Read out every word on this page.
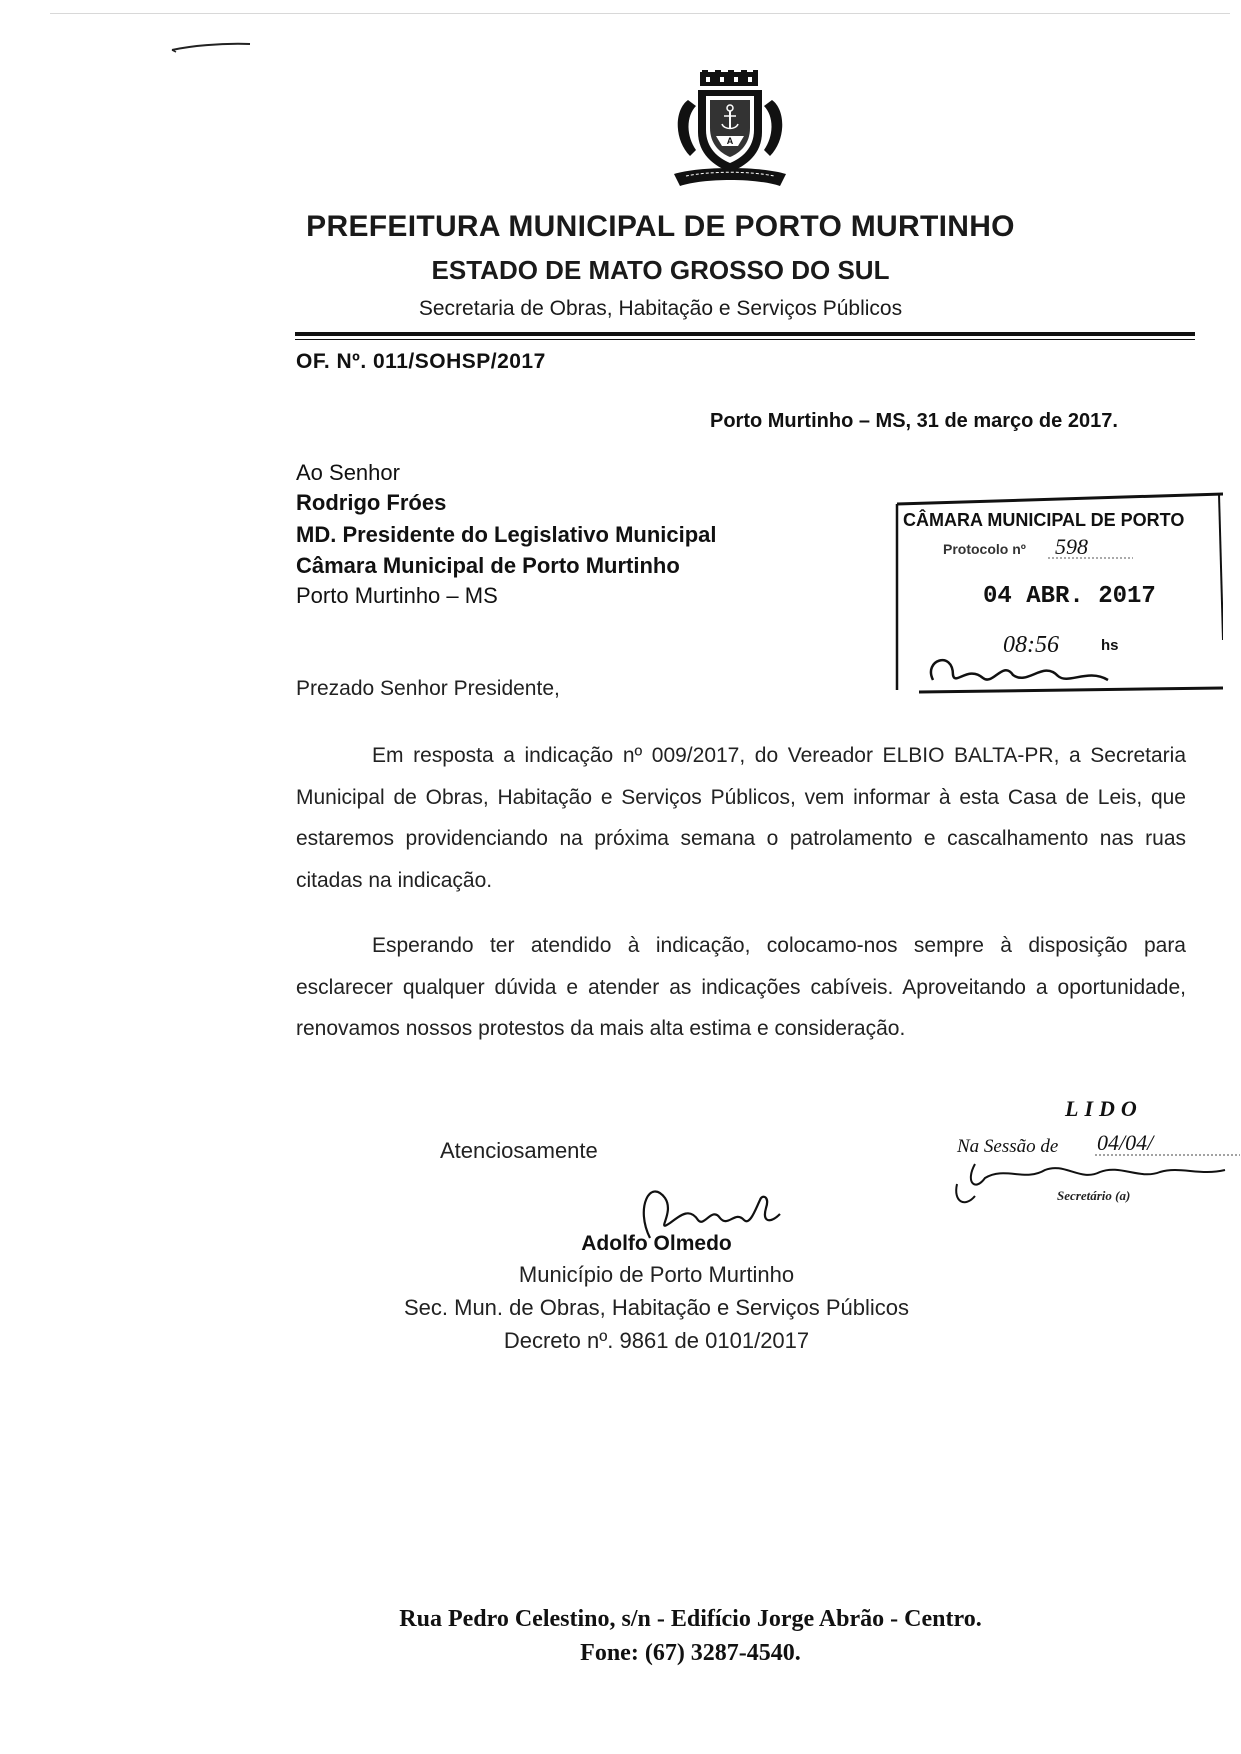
A
PREFEITURA MUNICIPAL DE PORTO MURTINHO
ESTADO DE MATO GROSSO DO SUL
Secretaria de Obras, Habitação e Serviços Públicos
OF. Nº. 011/SOHSP/2017
Porto Murtinho – MS, 31 de março de 2017.
Ao Senhor
Rodrigo Fróes
MD. Presidente do Legislativo Municipal
Câmara Municipal de Porto Murtinho
Porto Murtinho – MS
CÂMARA MUNICIPAL DE PORTO
Protocolo nº 598
04 ABR. 2017
08:56	hs
Prezado Senhor Presidente,
Em resposta a indicação nº 009/2017, do Vereador ELBIO BALTA-PR, a Secretaria Municipal de Obras, Habitação e Serviços Públicos, vem informar à esta Casa de Leis, que estaremos providenciando na próxima semana o patrolamento e cascalhamento nas ruas citadas na indicação.
Esperando ter atendido à indicação, colocamo-nos sempre à disposição para esclarecer qualquer dúvida e atender as indicações cabíveis. Aproveitando a oportunidade, renovamos nossos protestos da mais alta estima e consideração.
LIDO
Na Sessão de 04/04/
Secretário (a)
Atenciosamente
Adolfo Olmedo
Município de Porto Murtinho
Sec. Mun. de Obras, Habitação e Serviços Públicos
Decreto nº. 9861 de 0101/2017
Rua Pedro Celestino, s/n - Edifício Jorge Abrão - Centro.
Fone: (67) 3287-4540.
